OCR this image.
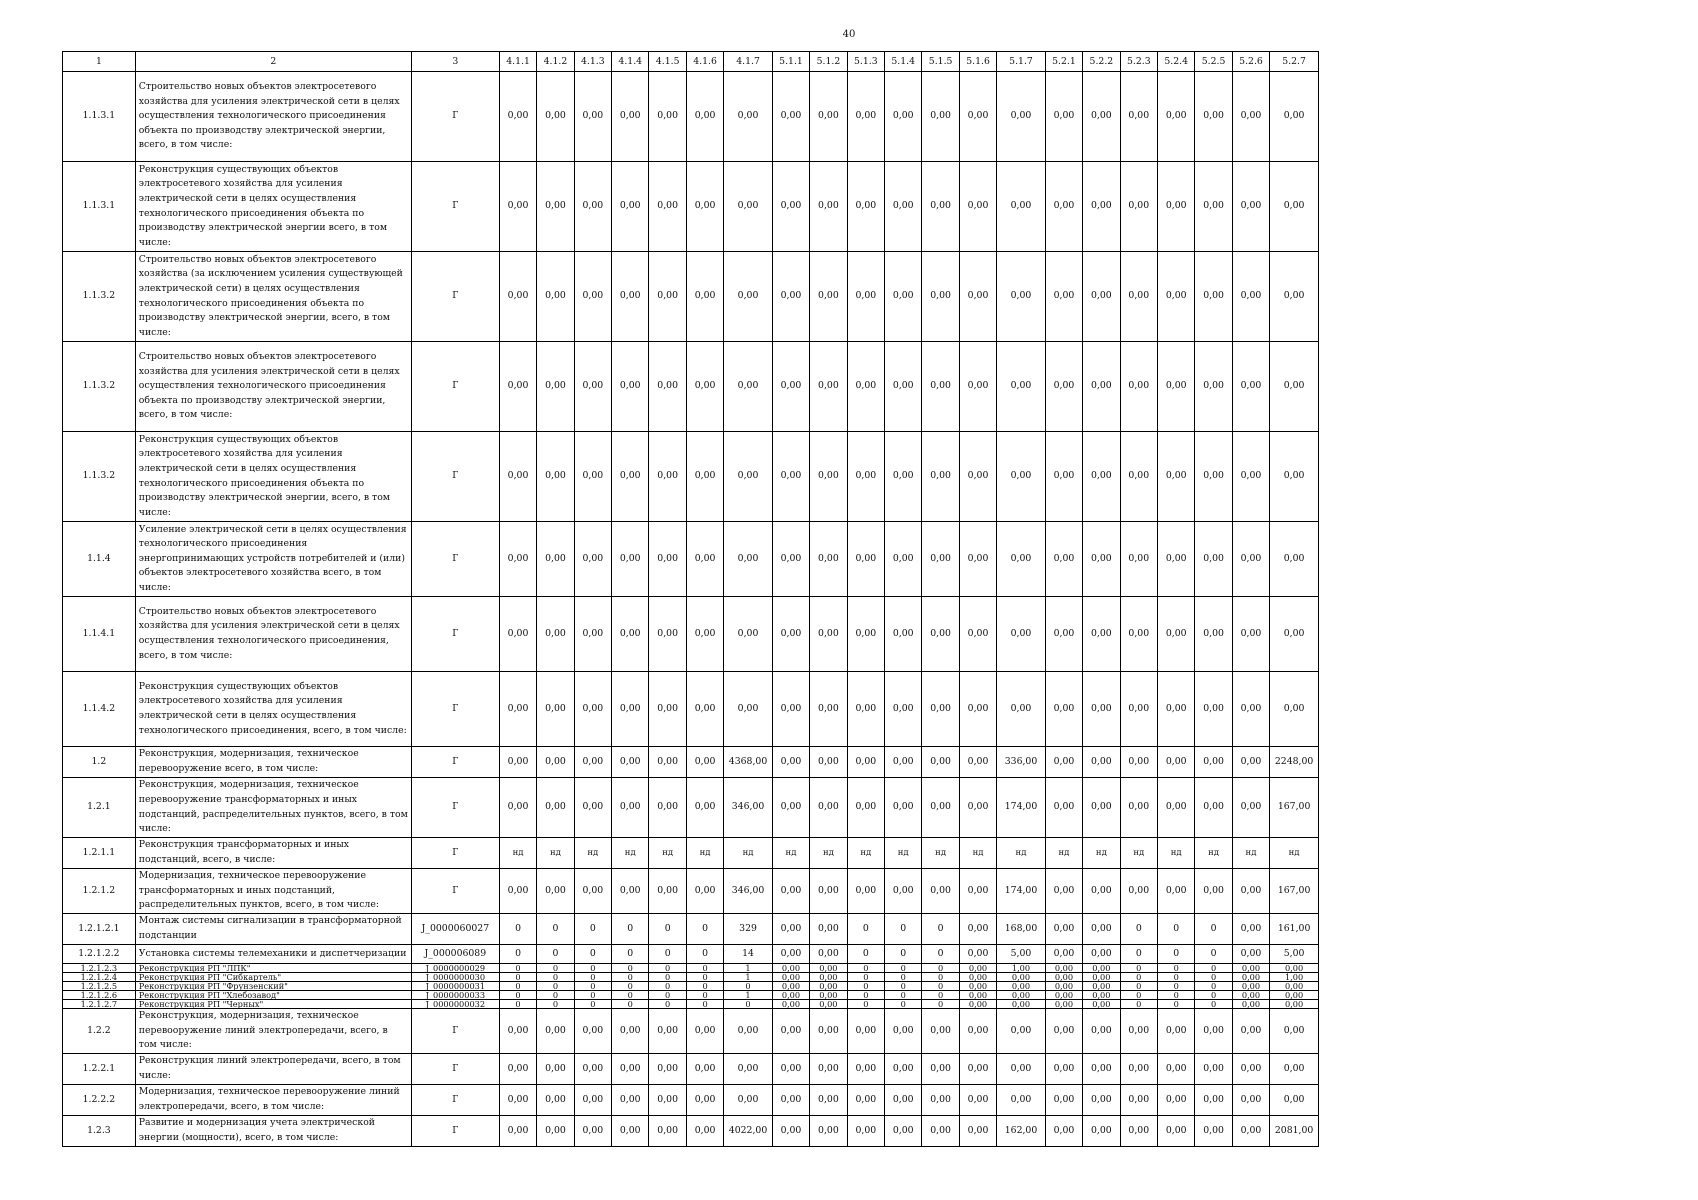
40
1	2	3	4.1.1	4.1.2	4.1.3	4.1.4	4.1.5	4.1.6	4.1.7	5.1.1	5.1.2	5.1.3	5.1.4	5.1.5	5.1.6	5.1.7	5.2.1	5.2.2	5.2.3	5.2.4	5.2.5	5.2.6	5.2.7
1.1.3.1	Строительство новых объектов электросетевого хозяйства для усиления электрической сети в целях осуществления технологического присоединения объекта по производству электрической энергии, всего, в том числе:	Г	0,00	0,00	0,00	0,00	0,00	0,00	0,00	0,00	0,00	0,00	0,00	0,00	0,00	0,00	0,00	0,00	0,00	0,00	0,00	0,00	0,00
1.1.3.1	Реконструкция существующих объектов электросетевого хозяйства для усиления электрической сети в целях осуществления технологического присоединения объекта по производству электрической энергии всего, в том числе:	Г	0,00	0,00	0,00	0,00	0,00	0,00	0,00	0,00	0,00	0,00	0,00	0,00	0,00	0,00	0,00	0,00	0,00	0,00	0,00	0,00	0,00
1.1.3.2	Строительство новых объектов электросетевого хозяйства (за исключением усиления существующей электрической сети) в целях осуществления технологического присоединения объекта по производству электрической энергии, всего, в том числе:	Г	0,00	0,00	0,00	0,00	0,00	0,00	0,00	0,00	0,00	0,00	0,00	0,00	0,00	0,00	0,00	0,00	0,00	0,00	0,00	0,00	0,00
1.1.3.2	Строительство новых объектов электросетевого хозяйства для усиления электрической сети в целях осуществления технологического присоединения объекта по производству электрической энергии, всего, в том числе:	Г	0,00	0,00	0,00	0,00	0,00	0,00	0,00	0,00	0,00	0,00	0,00	0,00	0,00	0,00	0,00	0,00	0,00	0,00	0,00	0,00	0,00
1.1.3.2	Реконструкция существующих объектов электросетевого хозяйства для усиления электрической сети в целях осуществления технологического присоединения объекта по производству электрической энергии, всего, в том числе:	Г	0,00	0,00	0,00	0,00	0,00	0,00	0,00	0,00	0,00	0,00	0,00	0,00	0,00	0,00	0,00	0,00	0,00	0,00	0,00	0,00	0,00
1.1.4	Усиление электрической сети в целях осуществления технологического присоединения энергопринимающих устройств потребителей и (или) объектов электросетевого хозяйства всего, в том числе:	Г	0,00	0,00	0,00	0,00	0,00	0,00	0,00	0,00	0,00	0,00	0,00	0,00	0,00	0,00	0,00	0,00	0,00	0,00	0,00	0,00	0,00
1.1.4.1	Строительство новых объектов электросетевого хозяйства для усиления электрической сети в целях осуществления технологического присоединения, всего, в том числе:	Г	0,00	0,00	0,00	0,00	0,00	0,00	0,00	0,00	0,00	0,00	0,00	0,00	0,00	0,00	0,00	0,00	0,00	0,00	0,00	0,00	0,00
1.1.4.2	Реконструкция существующих объектов электросетевого хозяйства для усиления электрической сети в целях осуществления технологического присоединения, всего, в том числе:	Г	0,00	0,00	0,00	0,00	0,00	0,00	0,00	0,00	0,00	0,00	0,00	0,00	0,00	0,00	0,00	0,00	0,00	0,00	0,00	0,00	0,00
1.2	Реконструкция, модернизация, техническое перевооружение всего, в том числе:	Г	0,00	0,00	0,00	0,00	0,00	0,00	4368,00	0,00	0,00	0,00	0,00	0,00	0,00	336,00	0,00	0,00	0,00	0,00	0,00	0,00	2248,00
1.2.1	Реконструкция, модернизация, техническое перевооружение трансформаторных и иных подстанций, распределительных пунктов, всего, в том числе:	Г	0,00	0,00	0,00	0,00	0,00	0,00	346,00	0,00	0,00	0,00	0,00	0,00	0,00	174,00	0,00	0,00	0,00	0,00	0,00	0,00	167,00
1.2.1.1	Реконструкция трансформаторных и иных подстанций, всего, в числе:	Г	нд	нд	нд	нд	нд	нд	нд	нд	нд	нд	нд	нд	нд	нд	нд	нд	нд	нд	нд	нд	нд
1.2.1.2	Модернизация, техническое перевооружение трансформаторных и иных подстанций, распределительных пунктов, всего, в том числе:	Г	0,00	0,00	0,00	0,00	0,00	0,00	346,00	0,00	0,00	0,00	0,00	0,00	0,00	174,00	0,00	0,00	0,00	0,00	0,00	0,00	167,00
1.2.1.2.1	Монтаж системы сигнализации в трансформаторной подстанции	J_0000060027	0	0	0	0	0	0	329	0,00	0,00	0	0	0	0,00	168,00	0,00	0,00	0	0	0	0,00	161,00
1.2.1.2.2	Установка системы телемеханики и диспетчеризации	J_000006089	0	0	0	0	0	0	14	0,00	0,00	0	0	0	0,00	5,00	0,00	0,00	0	0	0	0,00	5,00
1.2.1.2.3	Реконструкция РП "ЛПК"	J_0000000029	0	0	0	0	0	0	1	0,00	0,00	0	0	0	0,00	1,00	0,00	0,00	0	0	0	0,00	0,00
1.2.1.2.4	Реконструкция РП "Сибкартель"	J_0000000030	0	0	0	0	0	0	1	0,00	0,00	0	0	0	0,00	0,00	0,00	0,00	0	0	0	0,00	1,00
1.2.1.2.5	Реконструкция РП "Фрунзенский"	J_0000000031	0	0	0	0	0	0	0	0,00	0,00	0	0	0	0,00	0,00	0,00	0,00	0	0	0	0,00	0,00
1.2.1.2.6	Реконструкция РП "Хлебозавод"	J_0000000033	0	0	0	0	0	0	1	0,00	0,00	0	0	0	0,00	0,00	0,00	0,00	0	0	0	0,00	0,00
1.2.1.2.7	Реконструкция РП "Черных"	J_0000000032	0	0	0	0	0	0	0	0,00	0,00	0	0	0	0,00	0,00	0,00	0,00	0	0	0	0,00	0,00
1.2.2	Реконструкция, модернизация, техническое перевооружение линий электропередачи, всего, в том числе:	Г	0,00	0,00	0,00	0,00	0,00	0,00	0,00	0,00	0,00	0,00	0,00	0,00	0,00	0,00	0,00	0,00	0,00	0,00	0,00	0,00	0,00
1.2.2.1	Реконструкция линий электропередачи, всего, в том числе:	Г	0,00	0,00	0,00	0,00	0,00	0,00	0,00	0,00	0,00	0,00	0,00	0,00	0,00	0,00	0,00	0,00	0,00	0,00	0,00	0,00	0,00
1.2.2.2	Модернизация, техническое перевооружение линий электропередачи, всего, в том числе:	Г	0,00	0,00	0,00	0,00	0,00	0,00	0,00	0,00	0,00	0,00	0,00	0,00	0,00	0,00	0,00	0,00	0,00	0,00	0,00	0,00	0,00
1.2.3	Развитие и модернизация учета электрической энергии (мощности), всего, в том числе:	Г	0,00	0,00	0,00	0,00	0,00	0,00	4022,00	0,00	0,00	0,00	0,00	0,00	0,00	162,00	0,00	0,00	0,00	0,00	0,00	0,00	2081,00
